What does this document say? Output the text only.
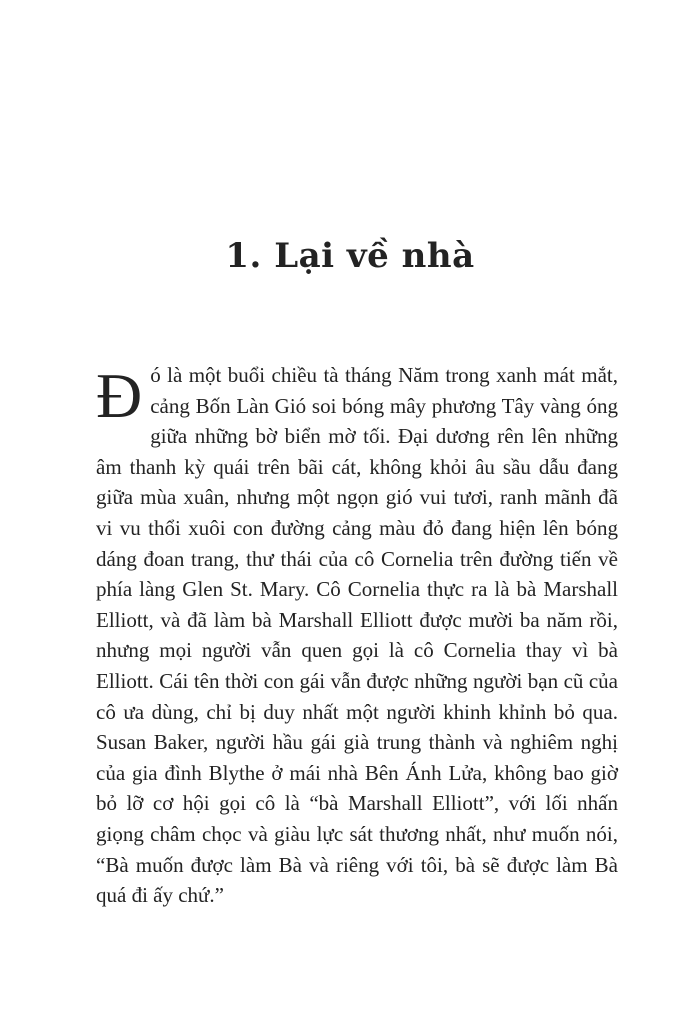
1. Lại về nhà

Đó là một buổi chiều tà tháng Năm trong xanh mát mắt, cảng Bốn Làn Gió soi bóng mây phương Tây vàng óng giữa những bờ biển mờ tối. Đại dương rên lên những âm thanh kỳ quái trên bãi cát, không khỏi âu sầu dẫu đang giữa mùa xuân, nhưng một ngọn gió vui tươi, ranh mãnh đã vi vu thổi xuôi con đường cảng màu đỏ đang hiện lên bóng dáng đoan trang, thư thái của cô Cornelia trên đường tiến về phía làng Glen St. Mary. Cô Cornelia thực ra là bà Marshall Elliott, và đã làm bà Marshall Elliott được mười ba năm rồi, nhưng mọi người vẫn quen gọi là cô Cornelia thay vì bà Elliott. Cái tên thời con gái vẫn được những người bạn cũ của cô ưa dùng, chỉ bị duy nhất một người khinh khỉnh bỏ qua. Susan Baker, người hầu gái già trung thành và nghiêm nghị của gia đình Blythe ở mái nhà Bên Ánh Lửa, không bao giờ bỏ lỡ cơ hội gọi cô là “bà Marshall Elliott”, với lối nhấn giọng châm chọc và giàu lực sát thương nhất, như muốn nói, “Bà muốn được làm Bà và riêng với tôi, bà sẽ được làm Bà quá đi ấy chứ.”
